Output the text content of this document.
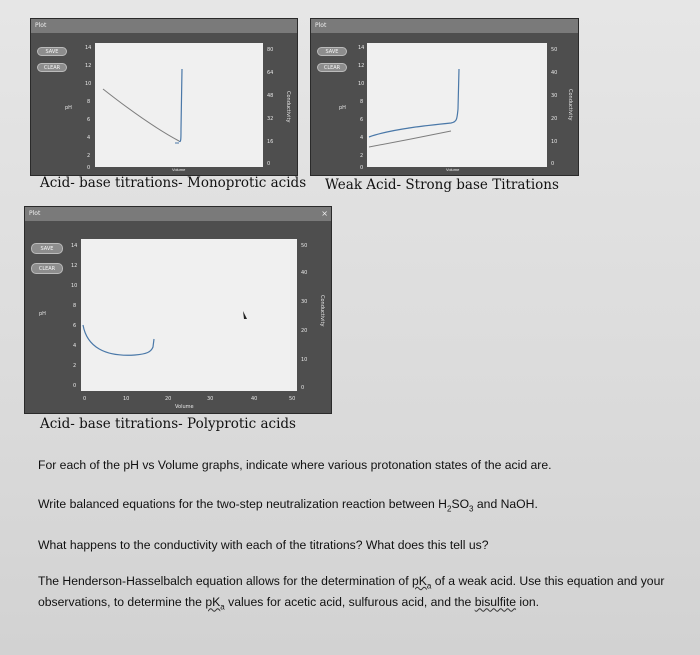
Plot
SAVE
CLEAR
14
12
10
8
6
4
2
0
pH
80
64
48
32
16
0
Conductivity
10	20	30	40	50
Volume
Plot
SAVE
CLEAR
14
12
10
8
6
4
2
0
pH
50
40
30
20
10
0
Conductivity
10	20	30	40	50
Volume
Acid- base titrations- Monoprotic acids Weak Acid- Strong base Titrations
Plot	×
SAVE
CLEAR
14
12
10
8
6
4
2
0
pH
50
40
30
20
10
0
Conductivity
0	10	20	30	40	50
Volume
Acid- base titrations- Polyprotic acids
For each of the pH vs Volume graphs, indicate where various protonation states of the acid are.
Write balanced equations for the two-step neutralization reaction between $H_2SO_3$ and NaOH.
What happens to the conductivity with each of the titrations? What does this tell us?
The Henderson-Hasselbalch equation allows for the determination of $pK_a$ of a weak acid. Use this equation and your observations, to determine the $pK_a$ values for acetic acid, sulfurous acid, and the bisulfite ion.
